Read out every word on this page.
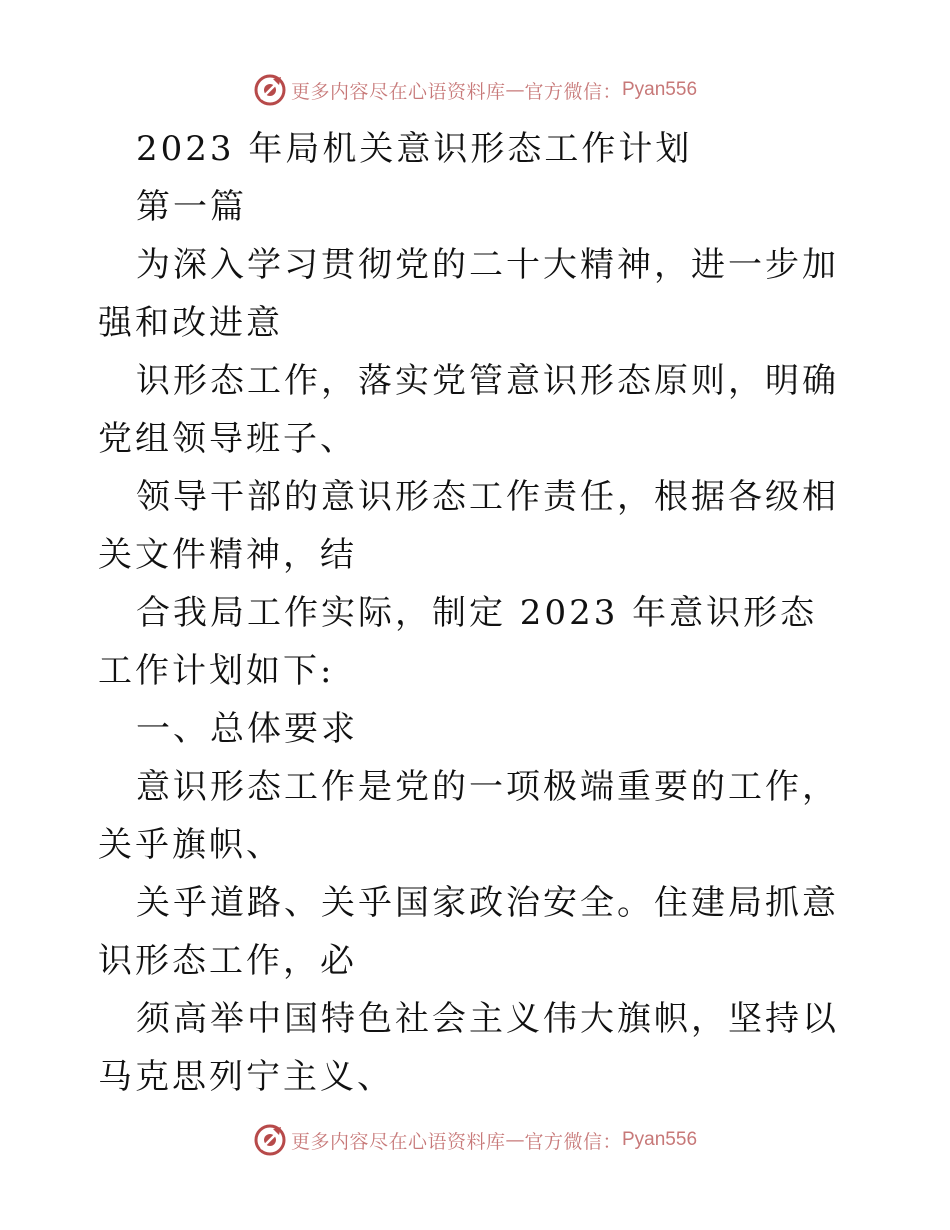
更多内容尽在心语资料库 — 官方微信： Pyan556

2023 年局机关意识形态工作计划

第一篇

为深入学习贯彻党的二十大精神，进一步加强和改进意

识形态工作，落实党管意识形态原则，明确党组领导班子、

领导干部的意识形态工作责任，根据各级相关文件精神，结

合我局工作实际，制定 2023 年意识形态工作计划如下:

一、总体要求

意识形态工作是党的一项极端重要的工作，关乎旗帜、

关乎道路、关乎国家政治安全。住建局抓意识形态工作，必

须高举中国特色社会主义伟大旗帜，坚持以马克思列宁主义、

更多内容尽在心语资料库 — 官方微信： Pyan556
